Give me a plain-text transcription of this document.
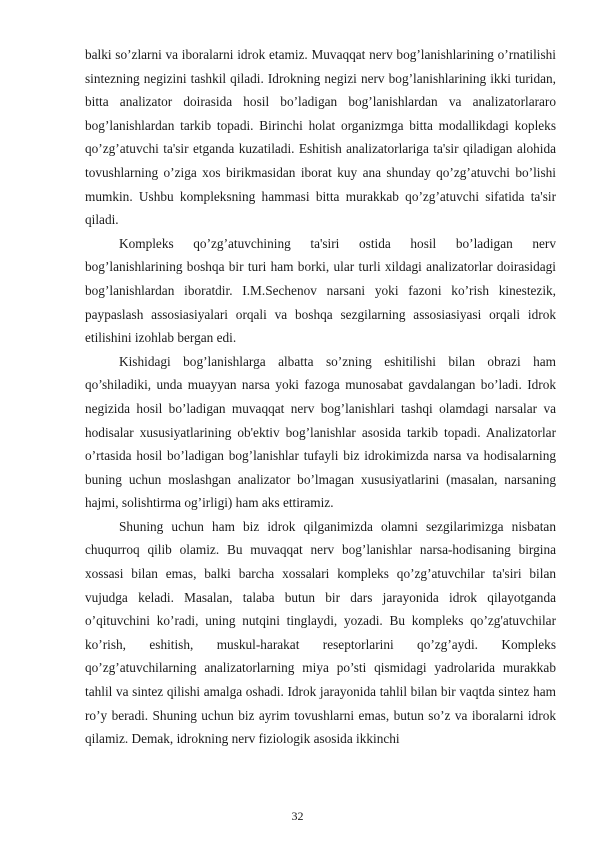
balki so’zlarni va iboralarni idrok etamiz. Muvaqqat nerv bog’lanishlarining o’rnatilishi sintezning negizini tashkil qiladi. Idrokning negizi nerv bog’lanishlarining ikki turidan, bitta analizator doirasida hosil bo’ladigan bog’lanishlardan va analizatorlararo bog’lanishlardan tarkib topadi. Birinchi holat organizmga bitta modallikdagi kopleks qo’zg’atuvchi ta'sir etganda kuzatiladi. Eshitish analizatorlariga ta'sir qiladigan alohida tovushlarning o’ziga xos birikmasidan iborat kuy ana shunday qo’zg’atuvchi bo’lishi mumkin. Ushbu kompleksning hammasi bitta murakkab qo’zg’atuvchi sifatida ta'sir qiladi.

Kompleks qo’zg’atuvchining ta'siri ostida hosil bo’ladigan nerv bog’lanishlarining boshqa bir turi ham borki, ular turli xildagi analizatorlar doirasidagi bog’lanishlardan iboratdir. I.M.Sechenov narsani yoki fazoni ko’rish kinestezik, paypaslash assosiasiyalari orqali va boshqa sezgilarning assosiasiyasi orqali idrok etilishini izohlab bergan edi.

Kishidagi bog’lanishlarga albatta so’zning eshitilishi bilan obrazi ham qo’shiladiki, unda muayyan narsa yoki fazoga munosabat gavdalangan bo’ladi. Idrok negizida hosil bo’ladigan muvaqqat nerv bog’lanishlari tashqi olamdagi narsalar va hodisalar xususiyatlarining ob'ektiv bog’lanishlar asosida tarkib topadi. Analizatorlar o’rtasida hosil bo’ladigan bog’lanishlar tufayli biz idrokimizda narsa va hodisalarning buning uchun moslashgan analizator bo’lmagan xususiyatlarini (masalan, narsaning hajmi, solishtirma og’irligi) ham aks ettiramiz.

Shuning uchun ham biz idrok qilganimizda olamni sezgilarimizga nisbatan chuqurroq qilib olamiz. Bu muvaqqat nerv bog’lanishlar narsa-hodisaning birgina xossasi bilan emas, balki barcha xossalari kompleks qo’zg’atuvchilar ta'siri bilan vujudga keladi. Masalan, talaba butun bir dars jarayonida idrok qilayotganda o’qituvchini ko’radi, uning nutqini tinglaydi, yozadi. Bu kompleks qo’zg'atuvchilar ko’rish, eshitish, muskul-harakat reseptorlarini qo’zg’aydi. Kompleks qo’zg’atuvchilarning analizatorlarning miya po’sti qismidagi yadrolarida murakkab tahlil va sintez qilishi amalga oshadi. Idrok jarayonida tahlil bilan bir vaqtda sintez ham ro’y beradi. Shuning uchun biz ayrim tovushlarni emas, butun so’z va iboralarni idrok qilamiz. Demak, idrokning nerv fiziologik asosida ikkinchi

32
